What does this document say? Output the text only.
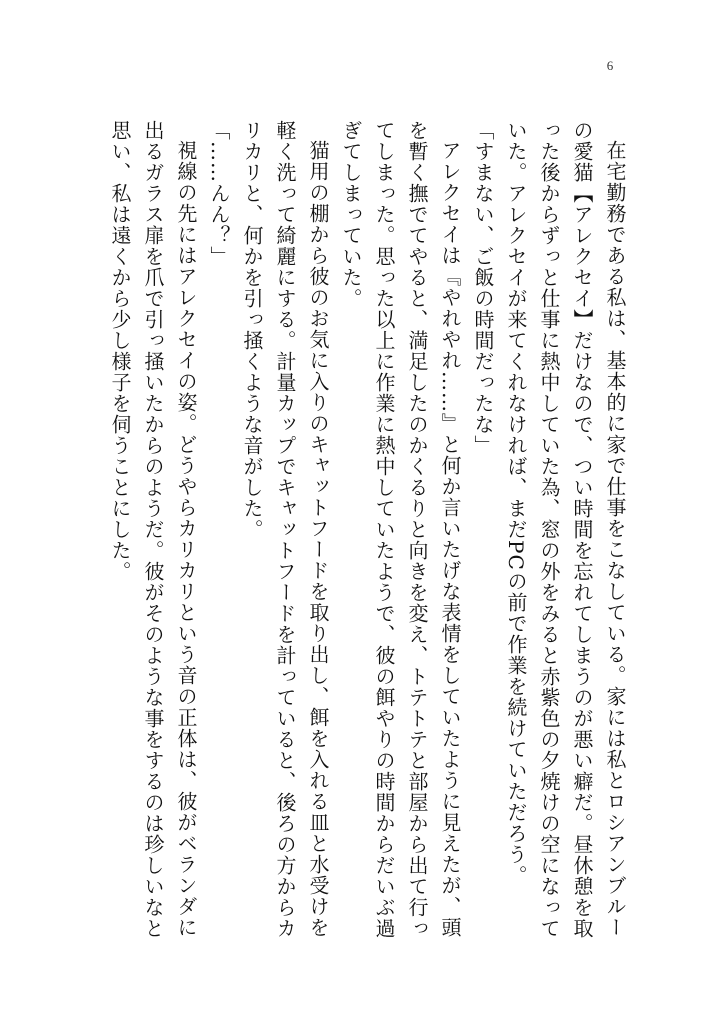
6

在宅勤務である私は、基本的に家で仕事をこなしている。家には私とロシアンブルーの愛猫【アレクセイ】だけなので、つい時間を忘れてしまうのが悪い癖だ。昼休憩を取った後からずっと仕事に熱中していた為、窓の外をみると赤紫色の夕焼けの空になっていた。アレクセイが来てくれなければ、まだPCの前で作業を続けていただろう。

「すまない、ご飯の時間だったな」

アレクセイは『やれやれ……』と何か言いたげな表情をしていたように見えたが、頭を暫く撫でてやると、満足したのかくるりと向きを変え、トテトテと部屋から出て行ってしまった。思った以上に作業に熱中していたようで、彼の餌やりの時間からだいぶ過ぎてしまっていた。

猫用の棚から彼のお気に入りのキャットフードを取り出し、餌を入れる皿と水受けを軽く洗って綺麗にする。計量カップでキャットフードを計っていると、後ろの方からカリカリと、何かを引っ掻くような音がした。

「……んん？」

視線の先にはアレクセイの姿。どうやらカリカリという音の正体は、彼がベランダに出るガラス扉を爪で引っ掻いたからのようだ。彼がそのような事をするのは珍しいなと思い、私は遠くから少し様子を伺うことにした。
